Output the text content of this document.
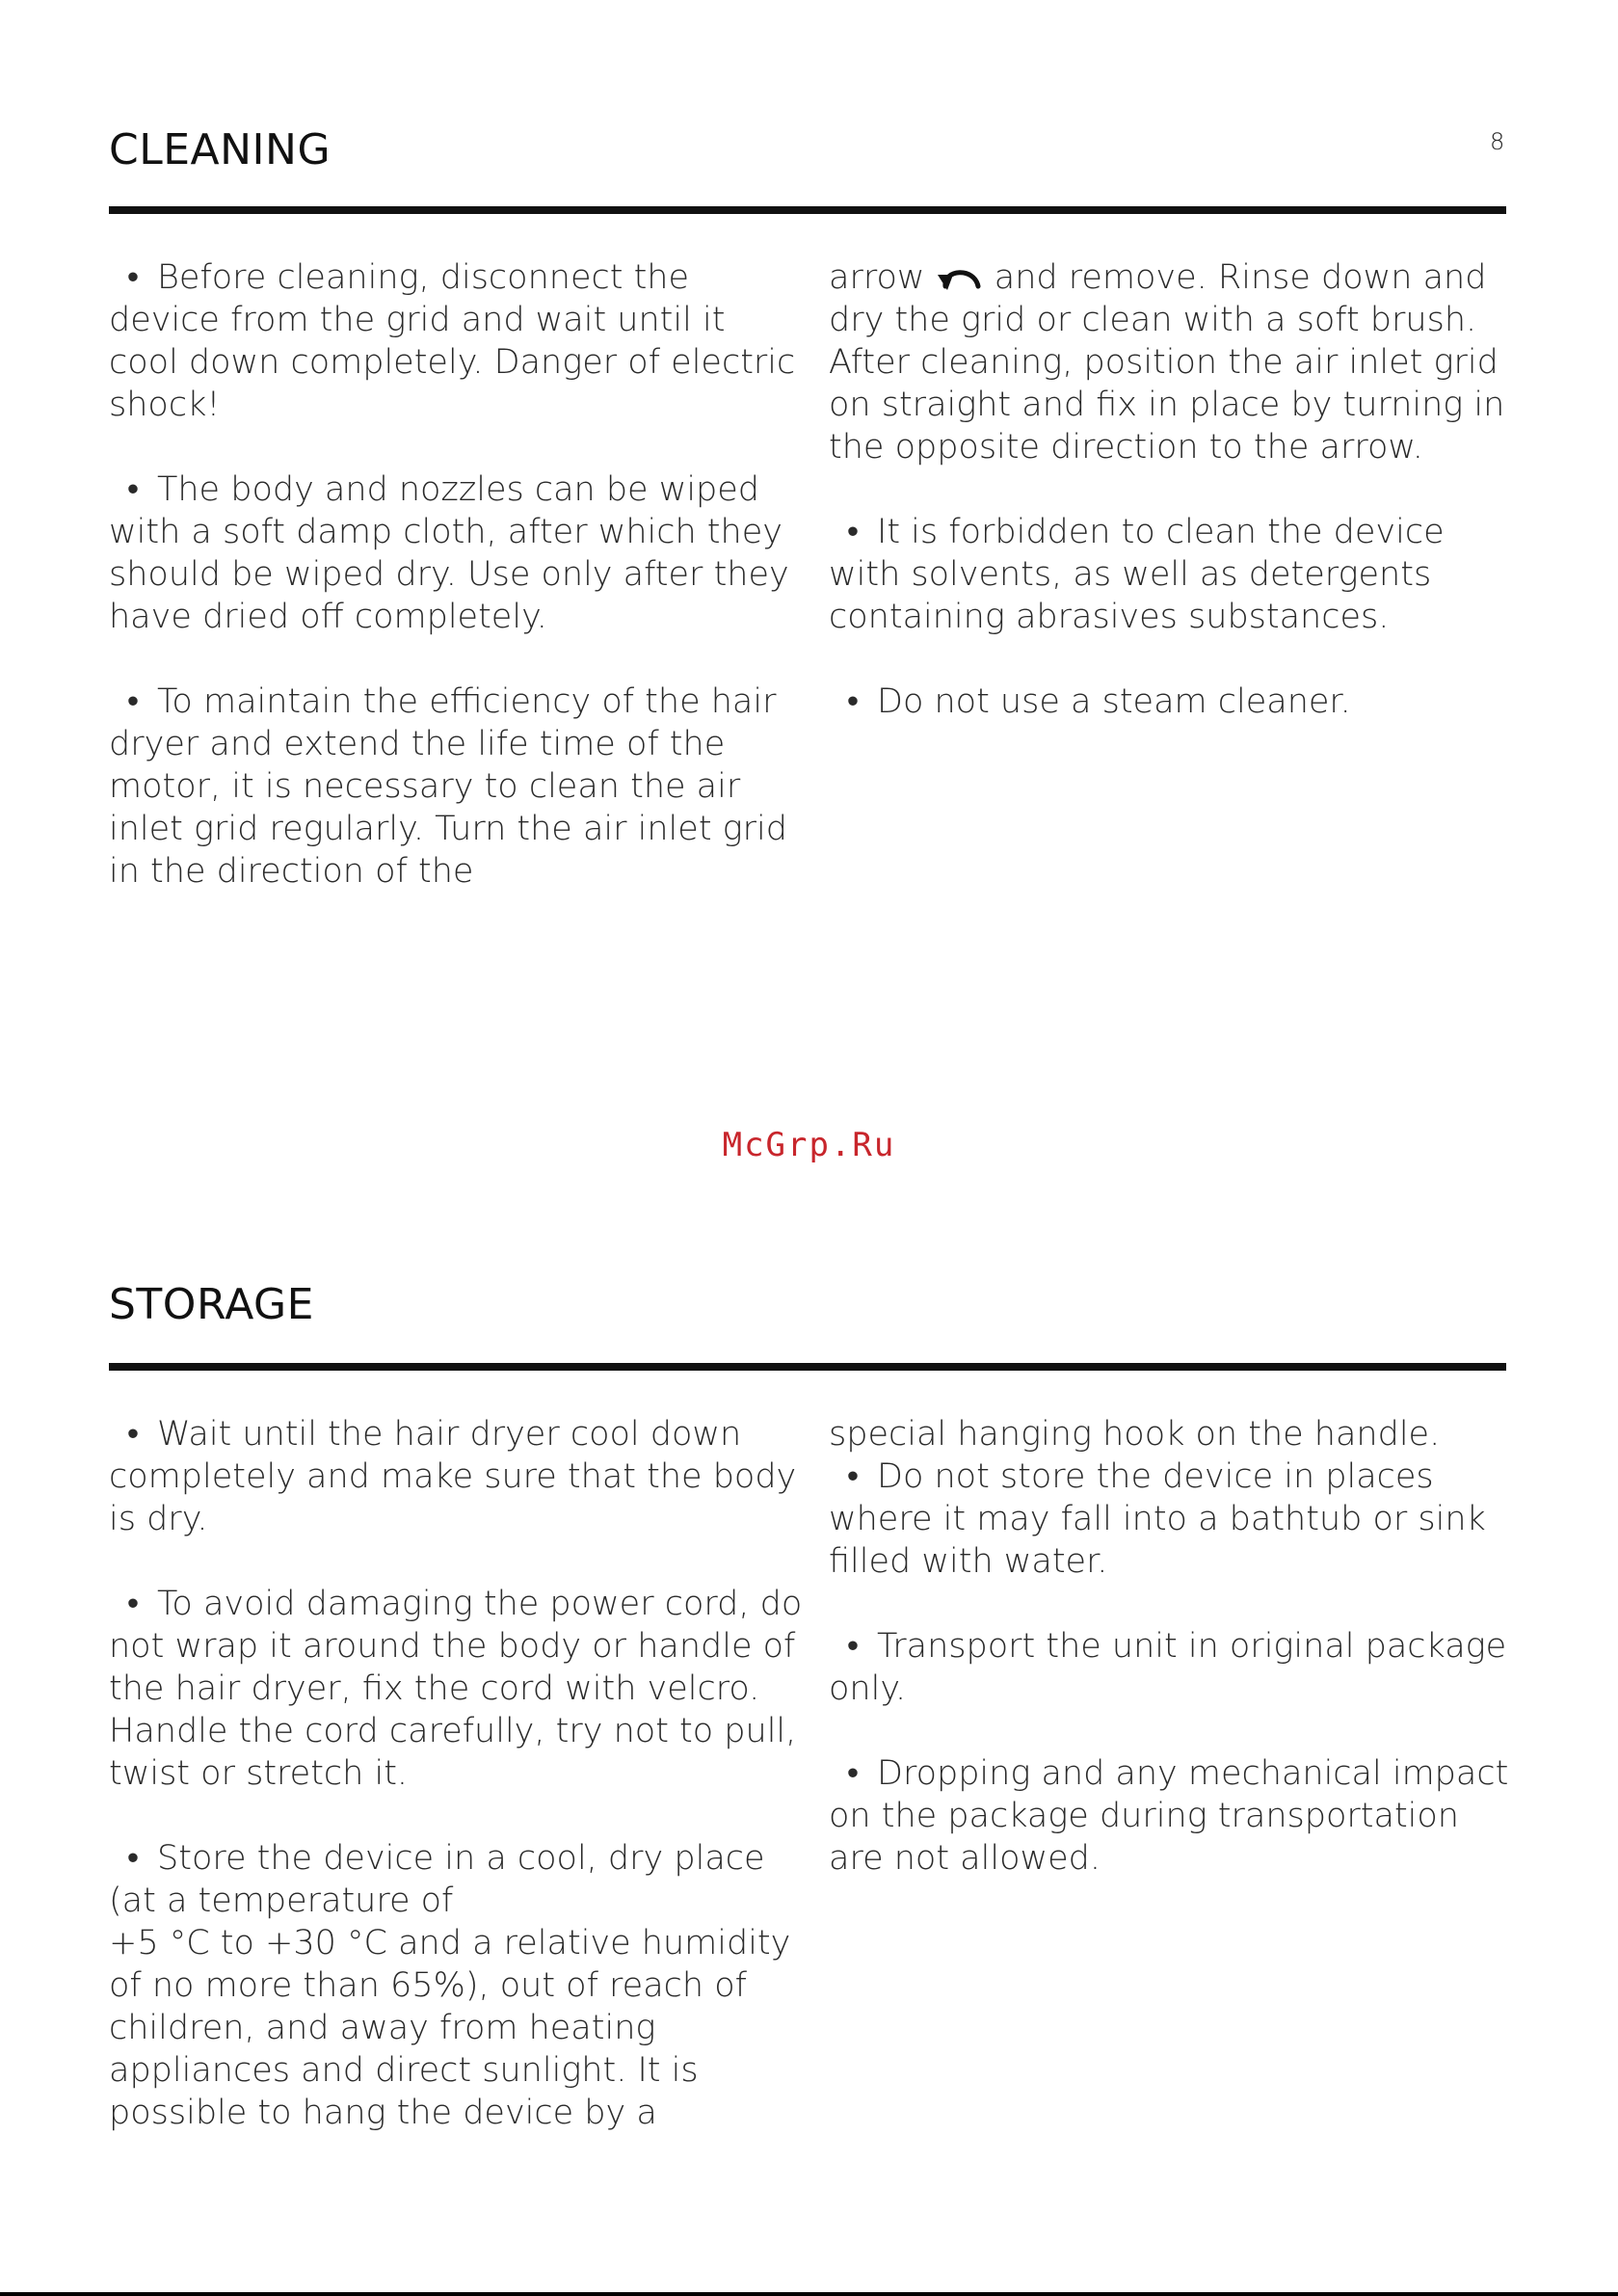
8
CLEANING

• Before cleaning, disconnect the device from the grid and wait until it cool down completely. Danger of electric shock!

• The body and nozzles can be wiped with a soft damp cloth, after which they should be wiped dry. Use only after they have dried off completely.

• To maintain the efficiency of the hair dryer and extend the life time of the motor, it is necessary to clean the air inlet grid regularly. Turn the air inlet grid in the direction of the

arrow and remove. Rinse down and dry the grid or clean with a soft brush. After cleaning, position the air inlet grid on straight and fix in place by turning in the opposite direction to the arrow.

• It is forbidden to clean the device with solvents, as well as detergents containing abrasives substances.

• Do not use a steam cleaner.

McGrp.Ru
STORAGE

• Wait until the hair dryer cool down completely and make sure that the body is dry.

• To avoid damaging the power cord, do not wrap it around the body or handle of the hair dryer, fix the cord with velcro. Handle the cord carefully, try not to pull, twist or stretch it.

• Store the device in a cool, dry place (at a temperature of

+5 °C to +30 °C and a relative humidity of no more than 65%), out of reach of children, and away from heating appliances and direct sunlight. It is possible to hang the device by a

special hanging hook on the handle.

• Do not store the device in places where it may fall into a bathtub or sink filled with water.

• Transport the unit in original package only.

• Dropping and any mechanical impact on the package during transportation are not allowed.
